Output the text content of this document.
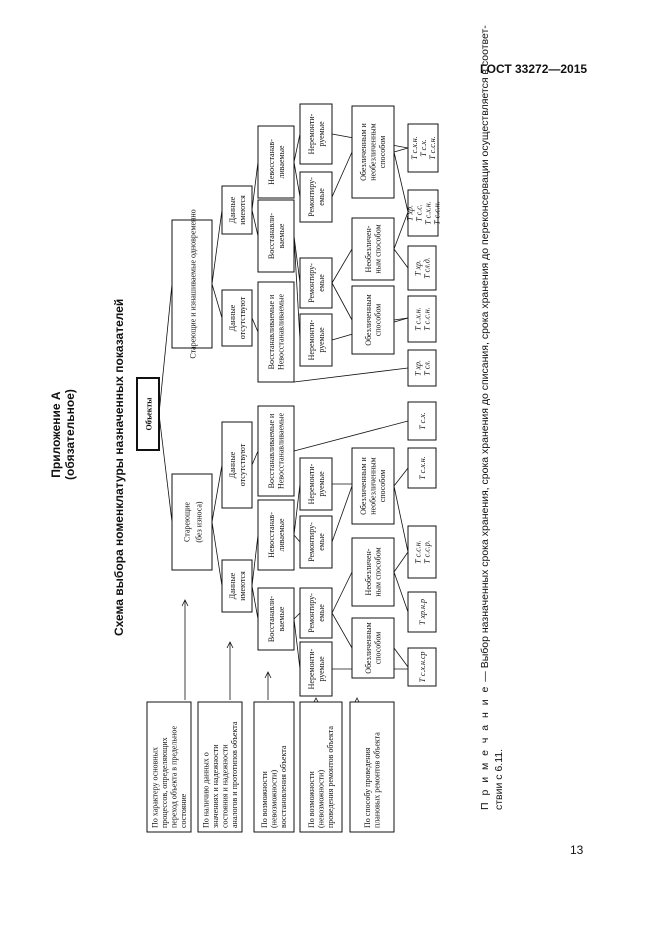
ГОСТ 33272—2015
Приложение А (обязательное)	Схема выбора номенклатуры назначенных показателей
П р и м е ч а н и е — Выбор назначенных срока хранения, срока хранения до списания, срока хранения до переконсервации осуществляется в соответ-
ствии с 6.11.
13
По характеру основных процессов, определяющих переход объекта в предельное состояние По наличию данных о значениях и надежности состояния и надежности аналогов и прототипов объекта	По возможности (невозможности) восстановления объекта По возможности (невозможности) проведения ремонтов объекта	По способу проведения плановых ремонтов объекта
Объекты
Стареющие (без износа)
Стареющие и изнашиваемые одновременно
Данные имеются
Данные отсутствуют
Данные имеются
Данные отсутствуют
Восстанавли- ваемые
Невосстанав- ливаемые
Восстанавливаемые и Невосстанавливаемые
Восстанавли- ваемые
Невосстанав- ливаемые
Восстанавливаемые и Невосстанавливаемые
Неремонти- руемые
Ремонтиру- емые
Ремонтиру- емые
Неремонти- руемые
Неремонти- руемые
Ремонтиру- емые
Ремонтиру- емые
Неремонти- руемые
Обезличенным способом
Необезличен- ным способом
Обезличенным и необезличенным способом
Обезличенным способом
Необезличен- ным способом
Обезличенным и необезличенным способом
Т с.х.н.ср
Т хр.н.р
Т с.с.н. Т с.с.р.
Т с.х.н.
Т с.х.
Т хр. Т сл.
Т с.х.н. Т с.с.н.
Т хр. Т сл.д.
Т хр. Т с.с. Т с.х.н. Т с.с.н.
Т с.х.н. Т с.х. Т с.с.н.
